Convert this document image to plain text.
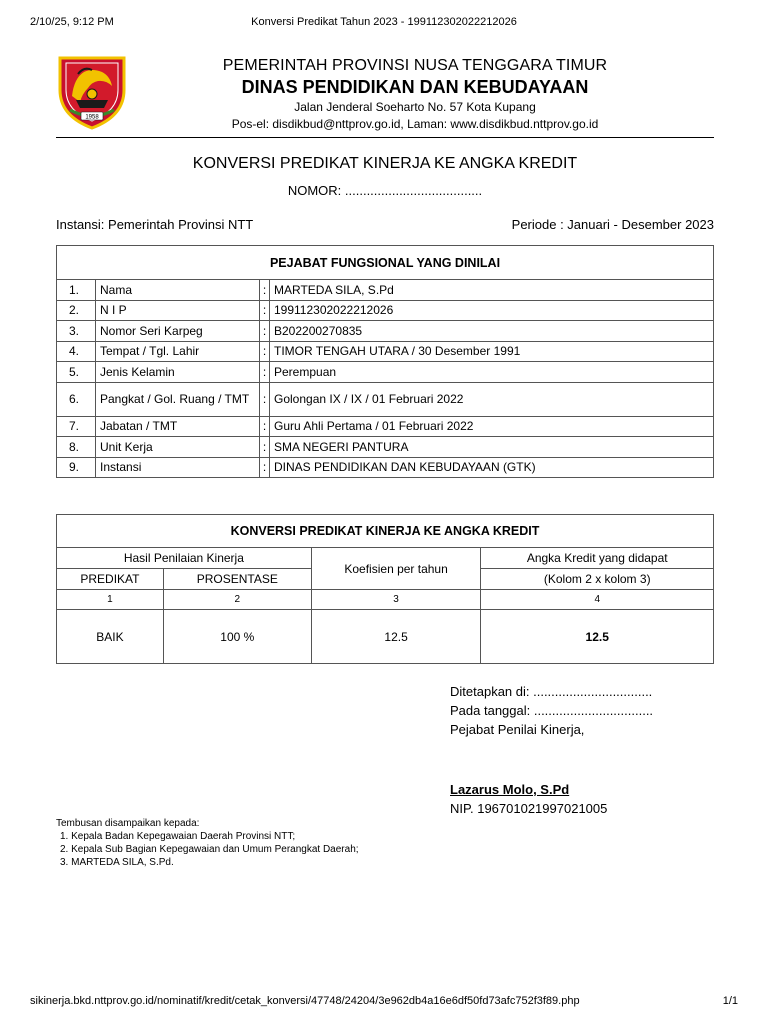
2/10/25, 9:12 PM	Konversi Predikat Tahun 2023 - 199112302022212026
1958
PEMERINTAH PROVINSI NUSA TENGGARA TIMUR
DINAS PENDIDIKAN DAN KEBUDAYAAN
Jalan Jenderal Soeharto No. 57 Kota Kupang
Pos-el: disdikbud@nttprov.go.id, Laman: www.disdikbud.nttprov.go.id
KONVERSI PREDIKAT KINERJA KE ANGKA KREDIT
NOMOR: ......................................
Instansi: Pemerintah Provinsi NTT	Periode : Januari - Desember 2023
PEJABAT FUNGSIONAL YANG DINILAI			
1.	Nama	:	MARTEDA SILA, S.Pd
2.	N I P	:	199112302022212026
3.	Nomor Seri Karpeg	:	B202200270835
4.	Tempat / Tgl. Lahir	:	TIMOR TENGAH UTARA / 30 Desember 1991
5.	Jenis Kelamin	:	Perempuan
6.	Pangkat / Gol. Ruang / TMT	:	Golongan IX / IX / 01 Februari 2022
7.	Jabatan / TMT	:	Guru Ahli Pertama / 01 Februari 2022
8.	Unit Kerja	:	SMA NEGERI PANTURA
9.	Instansi	:	DINAS PENDIDIKAN DAN KEBUDAYAAN (GTK)
KONVERSI PREDIKAT KINERJA KE ANGKA KREDIT			
Hasil Penilaian Kinerja		Koefisien per tahun	Angka Kredit yang didapat
PREDIKAT	PROSENTASE		(Kolom 2 x kolom 3)
1	2	3	4
BAIK	100 %	12.5	12.5
Ditetapkan di: .................................
Pada tanggal: .................................
Pejabat Penilai Kinerja,
Lazarus Molo, S.Pd
NIP. 196701021997021005
Tembusan disampaikan kepada:
1. Kepala Badan Kepegawaian Daerah Provinsi NTT;
2. Kepala Sub Bagian Kepegawaian dan Umum Perangkat Daerah;
3. MARTEDA SILA, S.Pd.
sikinerja.bkd.nttprov.go.id/nominatif/kredit/cetak_konversi/47748/24204/3e962db4a16e6df50fd73afc752f3f89.php	1/1
